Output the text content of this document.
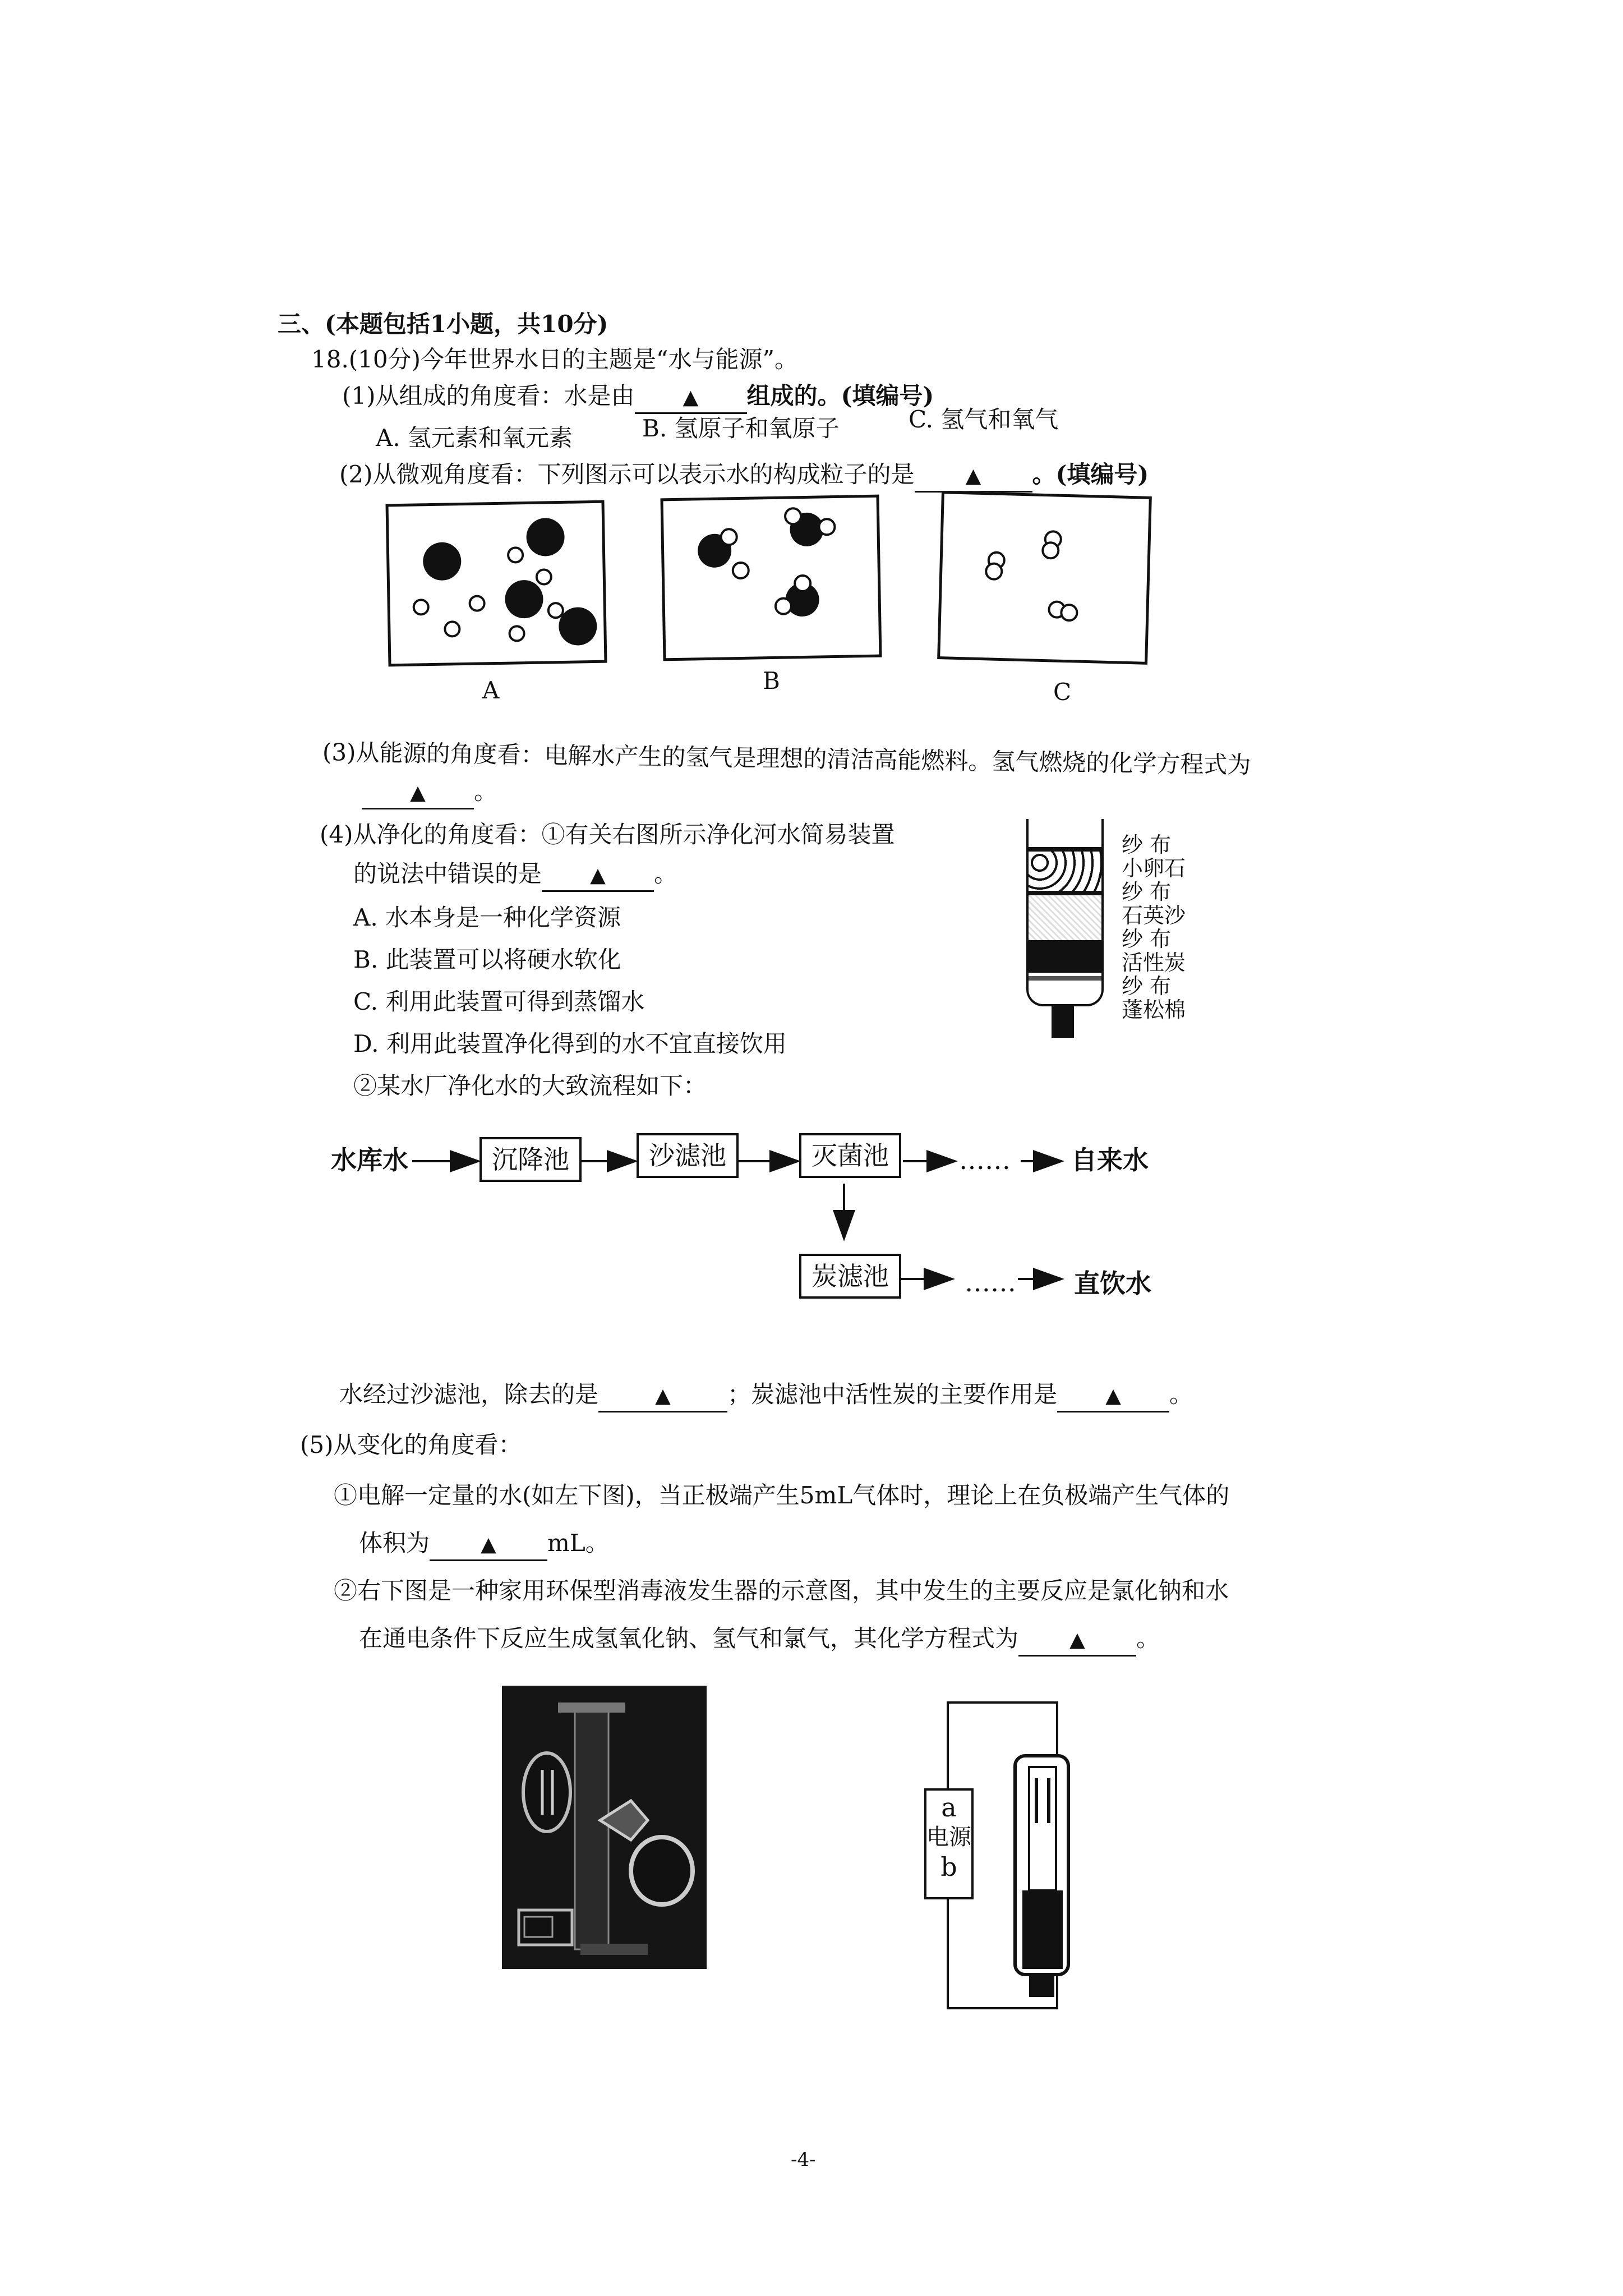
三、(本题包括1小题，共10分)
18.(10分)今年世界水日的主题是“水与能源”。
(1)从组成的角度看：水是由 ▲ 组成的。(填编号)
A. 氢元素和氧元素	B. 氢原子和氧原子	C. 氢气和氧气
(2)从微观角度看：下列图示可以表示水的构成粒子的是	▲ 。(填编号)
A	B	C
(3)从能源的角度看：电解水产生的氢气是理想的清洁高能燃料。氢气燃烧的化学方程式为
▲ 。
(4)从净化的角度看：①有关右图所示净化河水简易装置
的说法中错误的是 ▲ 。
A. 水本身是一种化学资源
B. 此装置可以将硬水软化
C. 利用此装置可得到蒸馏水
D. 利用此装置净化得到的水不宜直接饮用
纱 布
小卵石
纱 布
石英沙
纱 布
活性炭
纱 布
蓬松棉
②某水厂净化水的大致流程如下：
水库水	沉降池	沙滤池	灭菌池	…… 自来水
炭滤池	…… 直饮水
水经过沙滤池，除去的是	▲ ；炭滤池中活性炭的主要作用是 ▲ 。
(5)从变化的角度看：
①电解一定量的水(如左下图)，当正极端产生5mL气体时，理论上在负极端产生气体的
体积为	▲ mL。
②右下图是一种家用环保型消毒液发生器的示意图，其中发生的主要反应是氯化钠和水
在通电条件下反应生成氢氧化钠、氢气和氯气，其化学方程式为	▲ 。
a
电源
b
-4-
